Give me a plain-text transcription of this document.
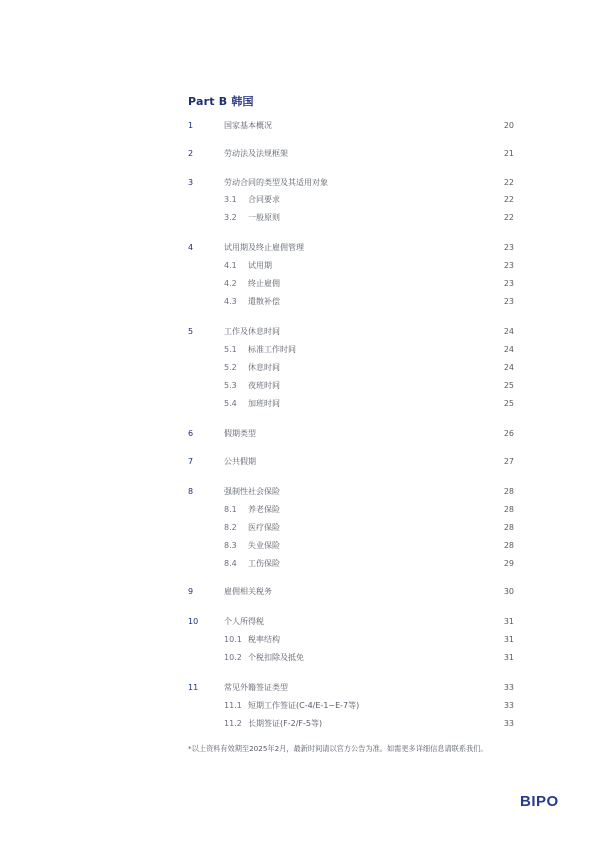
Part B 韩国
1	国家基本概况	20
2	劳动法及法规框架	21
3	劳动合同的类型及其适用对象	22
3.1 合同要求	22
3.2 一般原则	22
4	试用期及终止雇佣管理	23
4.1 试用期	23
4.2 终止雇佣	23
4.3 遣散补偿	23
5	工作及休息时间	24
5.1 标准工作时间	24
5.2 休息时间	24
5.3 夜班时间	25
5.4 加班时间	25
6	假期类型	26
7	公共假期	27
8	强制性社会保险	28
8.1 养老保险	28
8.2 医疗保险	28
8.3 失业保险	28
8.4 工伤保险	29
9	雇佣相关税务	30
10	个人所得税	31
10.1 税率结构	31
10.2 个税扣除及抵免	31
11	常见外籍签证类型	33
11.1 短期工作签证(C-4/E-1~E-7等)	33
11.2 长期签证(F-2/F-5等)	33
*以上资料有效期至2025年2月，最新时间请以官方公告为准。如需更多详细信息请联系我们。
BIPO
